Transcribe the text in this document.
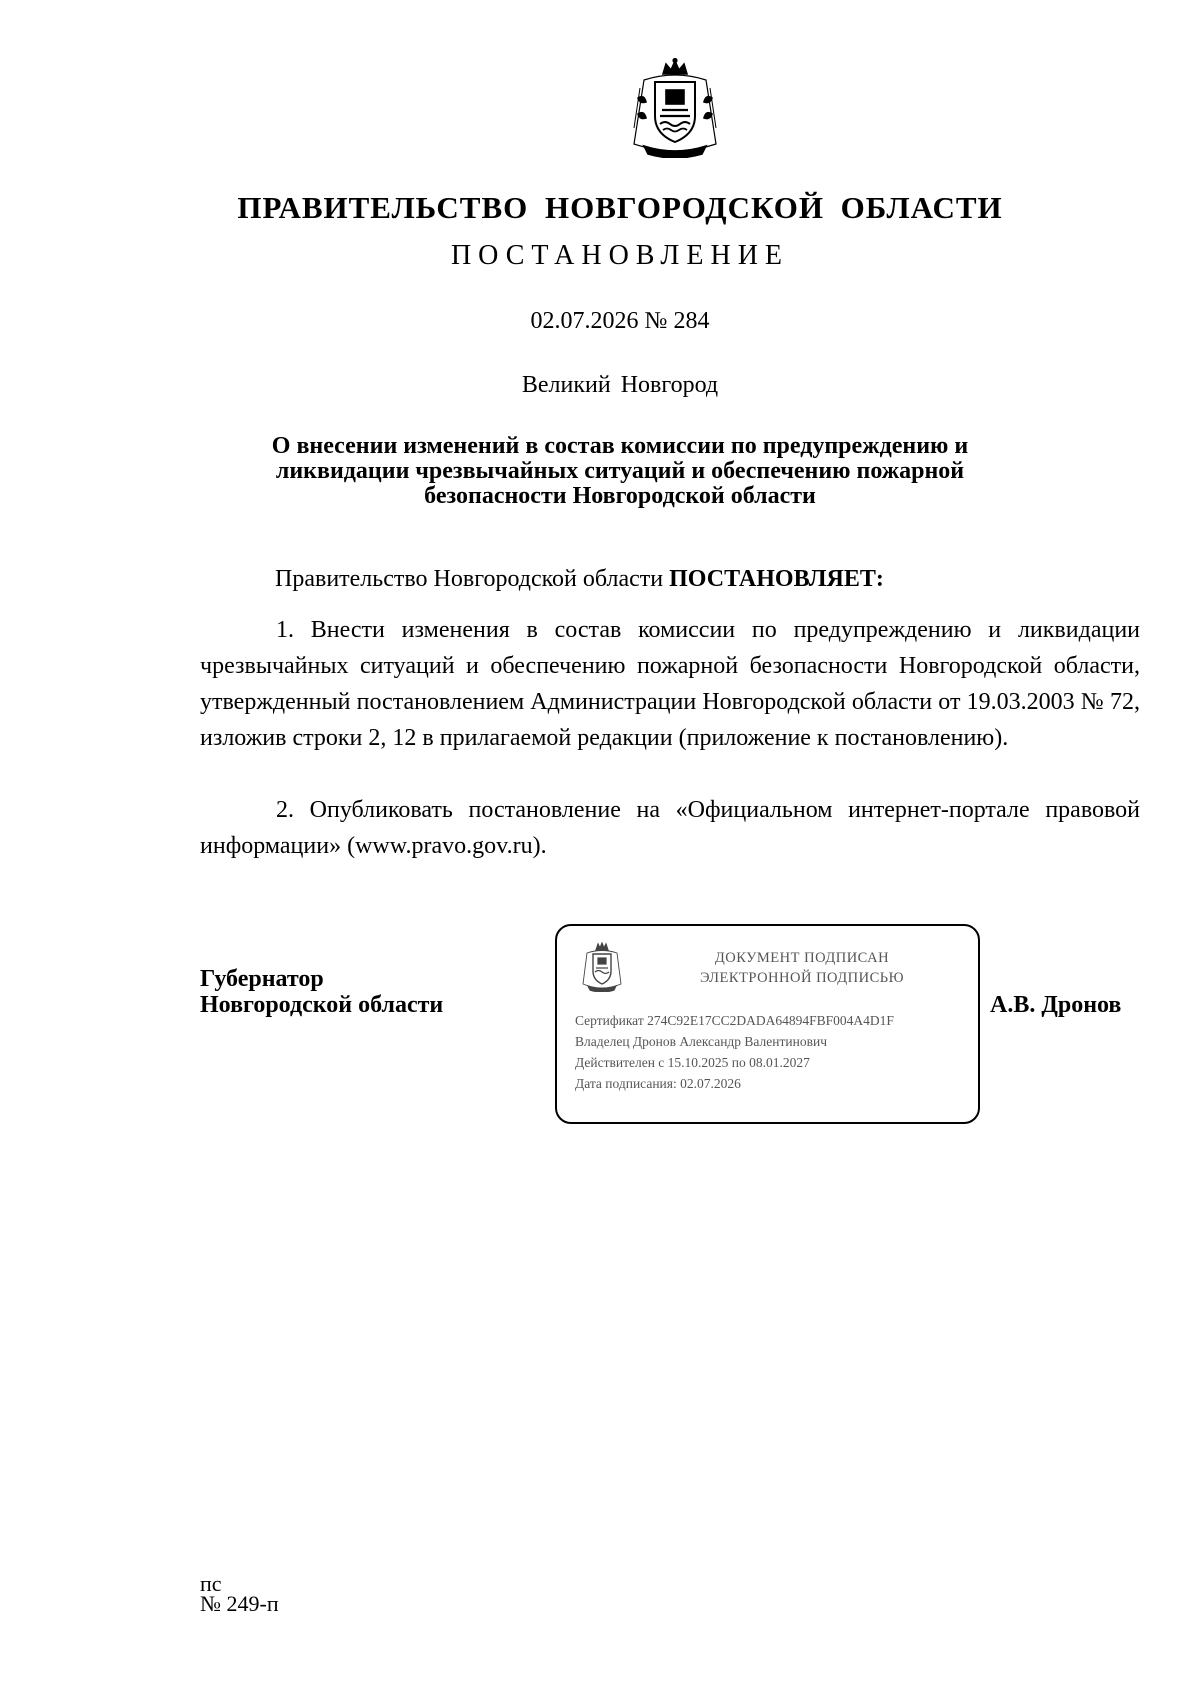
ПРАВИТЕЛЬСТВО НОВГОРОДСКОЙ ОБЛАСТИ
ПОСТАНОВЛЕНИЕ
02.07.2026 № 284
Великий Новгород
О внесении изменений в состав комиссии по предупреждению и ликвидации чрезвычайных ситуаций и обеспечению пожарной безопасности Новгородской области
Правительство Новгородской области ПОСТАНОВЛЯЕТ:
1. Внести изменения в состав комиссии по предупреждению и ликвидации чрезвычайных ситуаций и обеспечению пожарной безопасности Новгородской области, утвержденный постановлением Администрации Новгородской области от 19.03.2003 № 72, изложив строки 2, 12 в прилагаемой редакции (приложение к постановлению).
2. Опубликовать постановление на «Официальном интернет-портале правовой информации» (www.pravo.gov.ru).
Губернатор
Новгородской области
ДОКУМЕНТ ПОДПИСАН
ЭЛЕКТРОННОЙ ПОДПИСЬЮ
Сертификат 274C92E17CC2DADA64894FBF004A4D1F
Владелец Дронов Александр Валентинович
Действителен с 15.10.2025 по 08.01.2027
Дата подписания: 02.07.2026
А.В. Дронов
пс
№ 249-п
